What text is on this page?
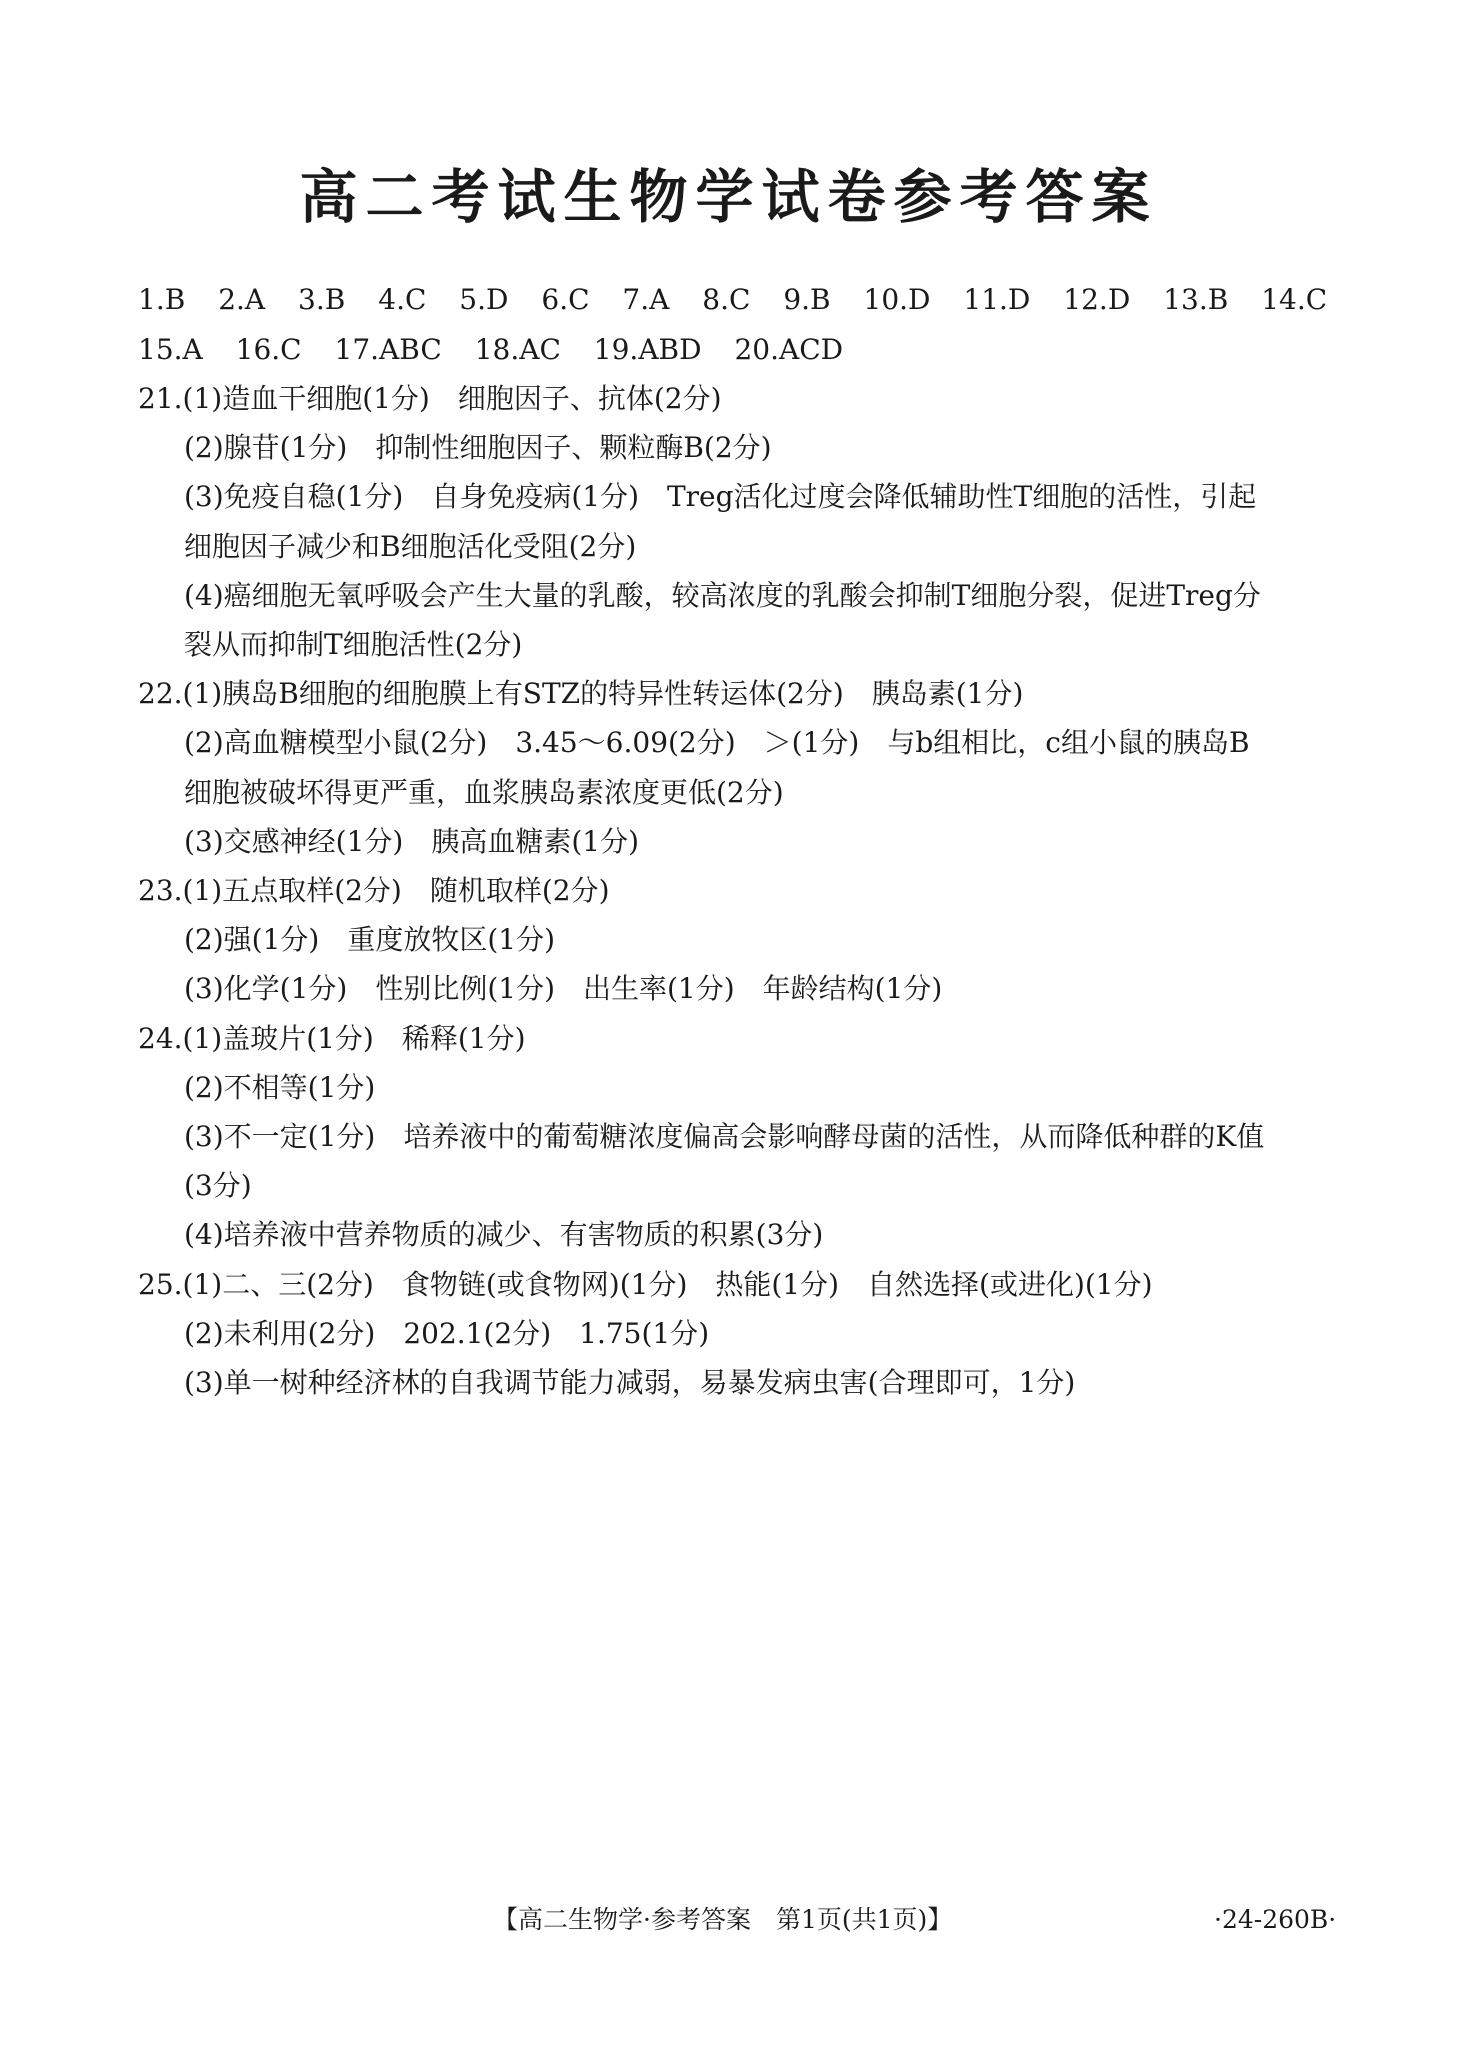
高二考试生物学试卷参考答案
1.B 2.A 3.B 4.C 5.D 6.C 7.A 8.C 9.B 10.D 11.D 12.D 13.B 14.C
15.A 16.C 17.ABC 18.AC 19.ABD 20.ACD
21.(1)造血干细胞(1分)　细胞因子、抗体(2分)
(2)腺苷(1分)　抑制性细胞因子、颗粒酶B(2分)
(3)免疫自稳(1分)　自身免疫病(1分)　Treg活化过度会降低辅助性T细胞的活性，引起
细胞因子减少和B细胞活化受阻(2分)
(4)癌细胞无氧呼吸会产生大量的乳酸，较高浓度的乳酸会抑制T细胞分裂，促进Treg分
裂从而抑制T细胞活性(2分)
22.(1)胰岛B细胞的细胞膜上有STZ的特异性转运体(2分)　胰岛素(1分)
(2)高血糖模型小鼠(2分)　3.45～6.09(2分)　＞(1分)　与b组相比，c组小鼠的胰岛B
细胞被破坏得更严重，血浆胰岛素浓度更低(2分)
(3)交感神经(1分)　胰高血糖素(1分)
23.(1)五点取样(2分)　随机取样(2分)
(2)强(1分)　重度放牧区(1分)
(3)化学(1分)　性别比例(1分)　出生率(1分)　年龄结构(1分)
24.(1)盖玻片(1分)　稀释(1分)
(2)不相等(1分)
(3)不一定(1分)　培养液中的葡萄糖浓度偏高会影响酵母菌的活性，从而降低种群的K值
(3分)
(4)培养液中营养物质的减少、有害物质的积累(3分)
25.(1)二、三(2分)　食物链(或食物网)(1分)　热能(1分)　自然选择(或进化)(1分)
(2)未利用(2分)　202.1(2分)　1.75(1分)
(3)单一树种经济林的自我调节能力减弱，易暴发病虫害(合理即可，1分)
【高二生物学·参考答案　第1页(共1页)】	·24-260B·
